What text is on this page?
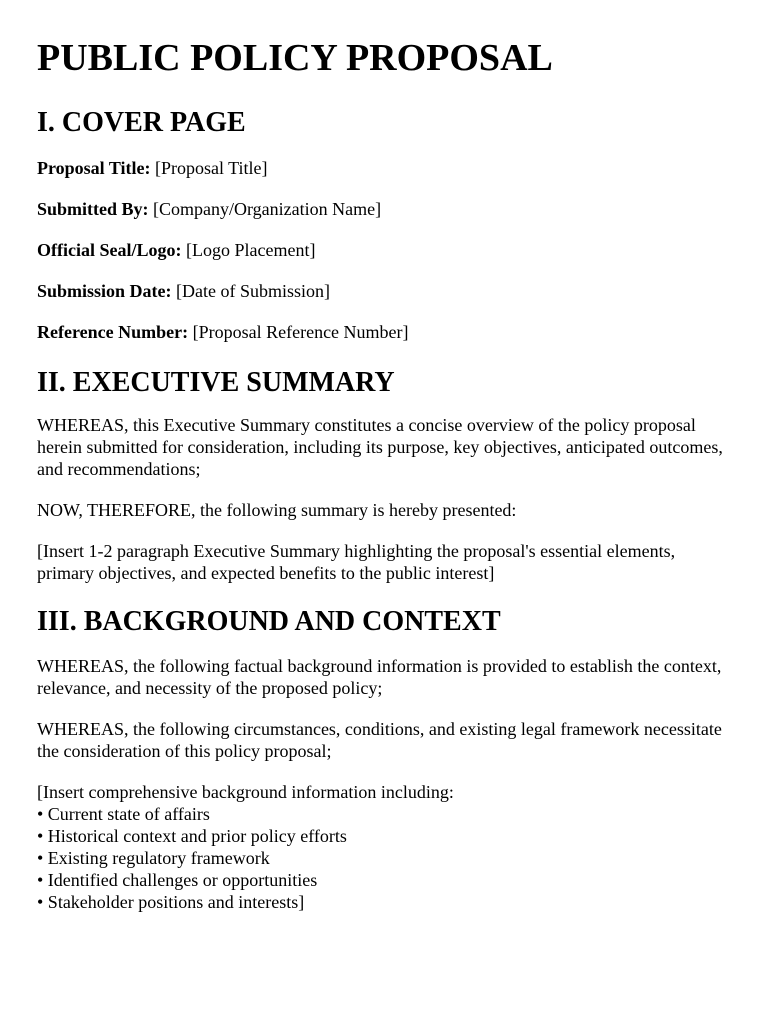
PUBLIC POLICY PROPOSAL
I. COVER PAGE
Proposal Title: [Proposal Title]
Submitted By: [Company/Organization Name]
Official Seal/Logo: [Logo Placement]
Submission Date: [Date of Submission]
Reference Number: [Proposal Reference Number]
II. EXECUTIVE SUMMARY

WHEREAS, this Executive Summary constitutes a concise overview of the policy proposal herein submitted for consideration, including its purpose, key objectives, anticipated outcomes, and recommendations;

NOW, THEREFORE, the following summary is hereby presented:

[Insert 1-2 paragraph Executive Summary highlighting the proposal's essential elements, primary objectives, and expected benefits to the public interest]

III. BACKGROUND AND CONTEXT

WHEREAS, the following factual background information is provided to establish the context, relevance, and necessity of the proposed policy;

WHEREAS, the following circumstances, conditions, and existing legal framework necessitate the consideration of this policy proposal;

[Insert comprehensive background information including:
• Current state of affairs
• Historical context and prior policy efforts
• Existing regulatory framework
• Identified challenges or opportunities
• Stakeholder positions and interests]
